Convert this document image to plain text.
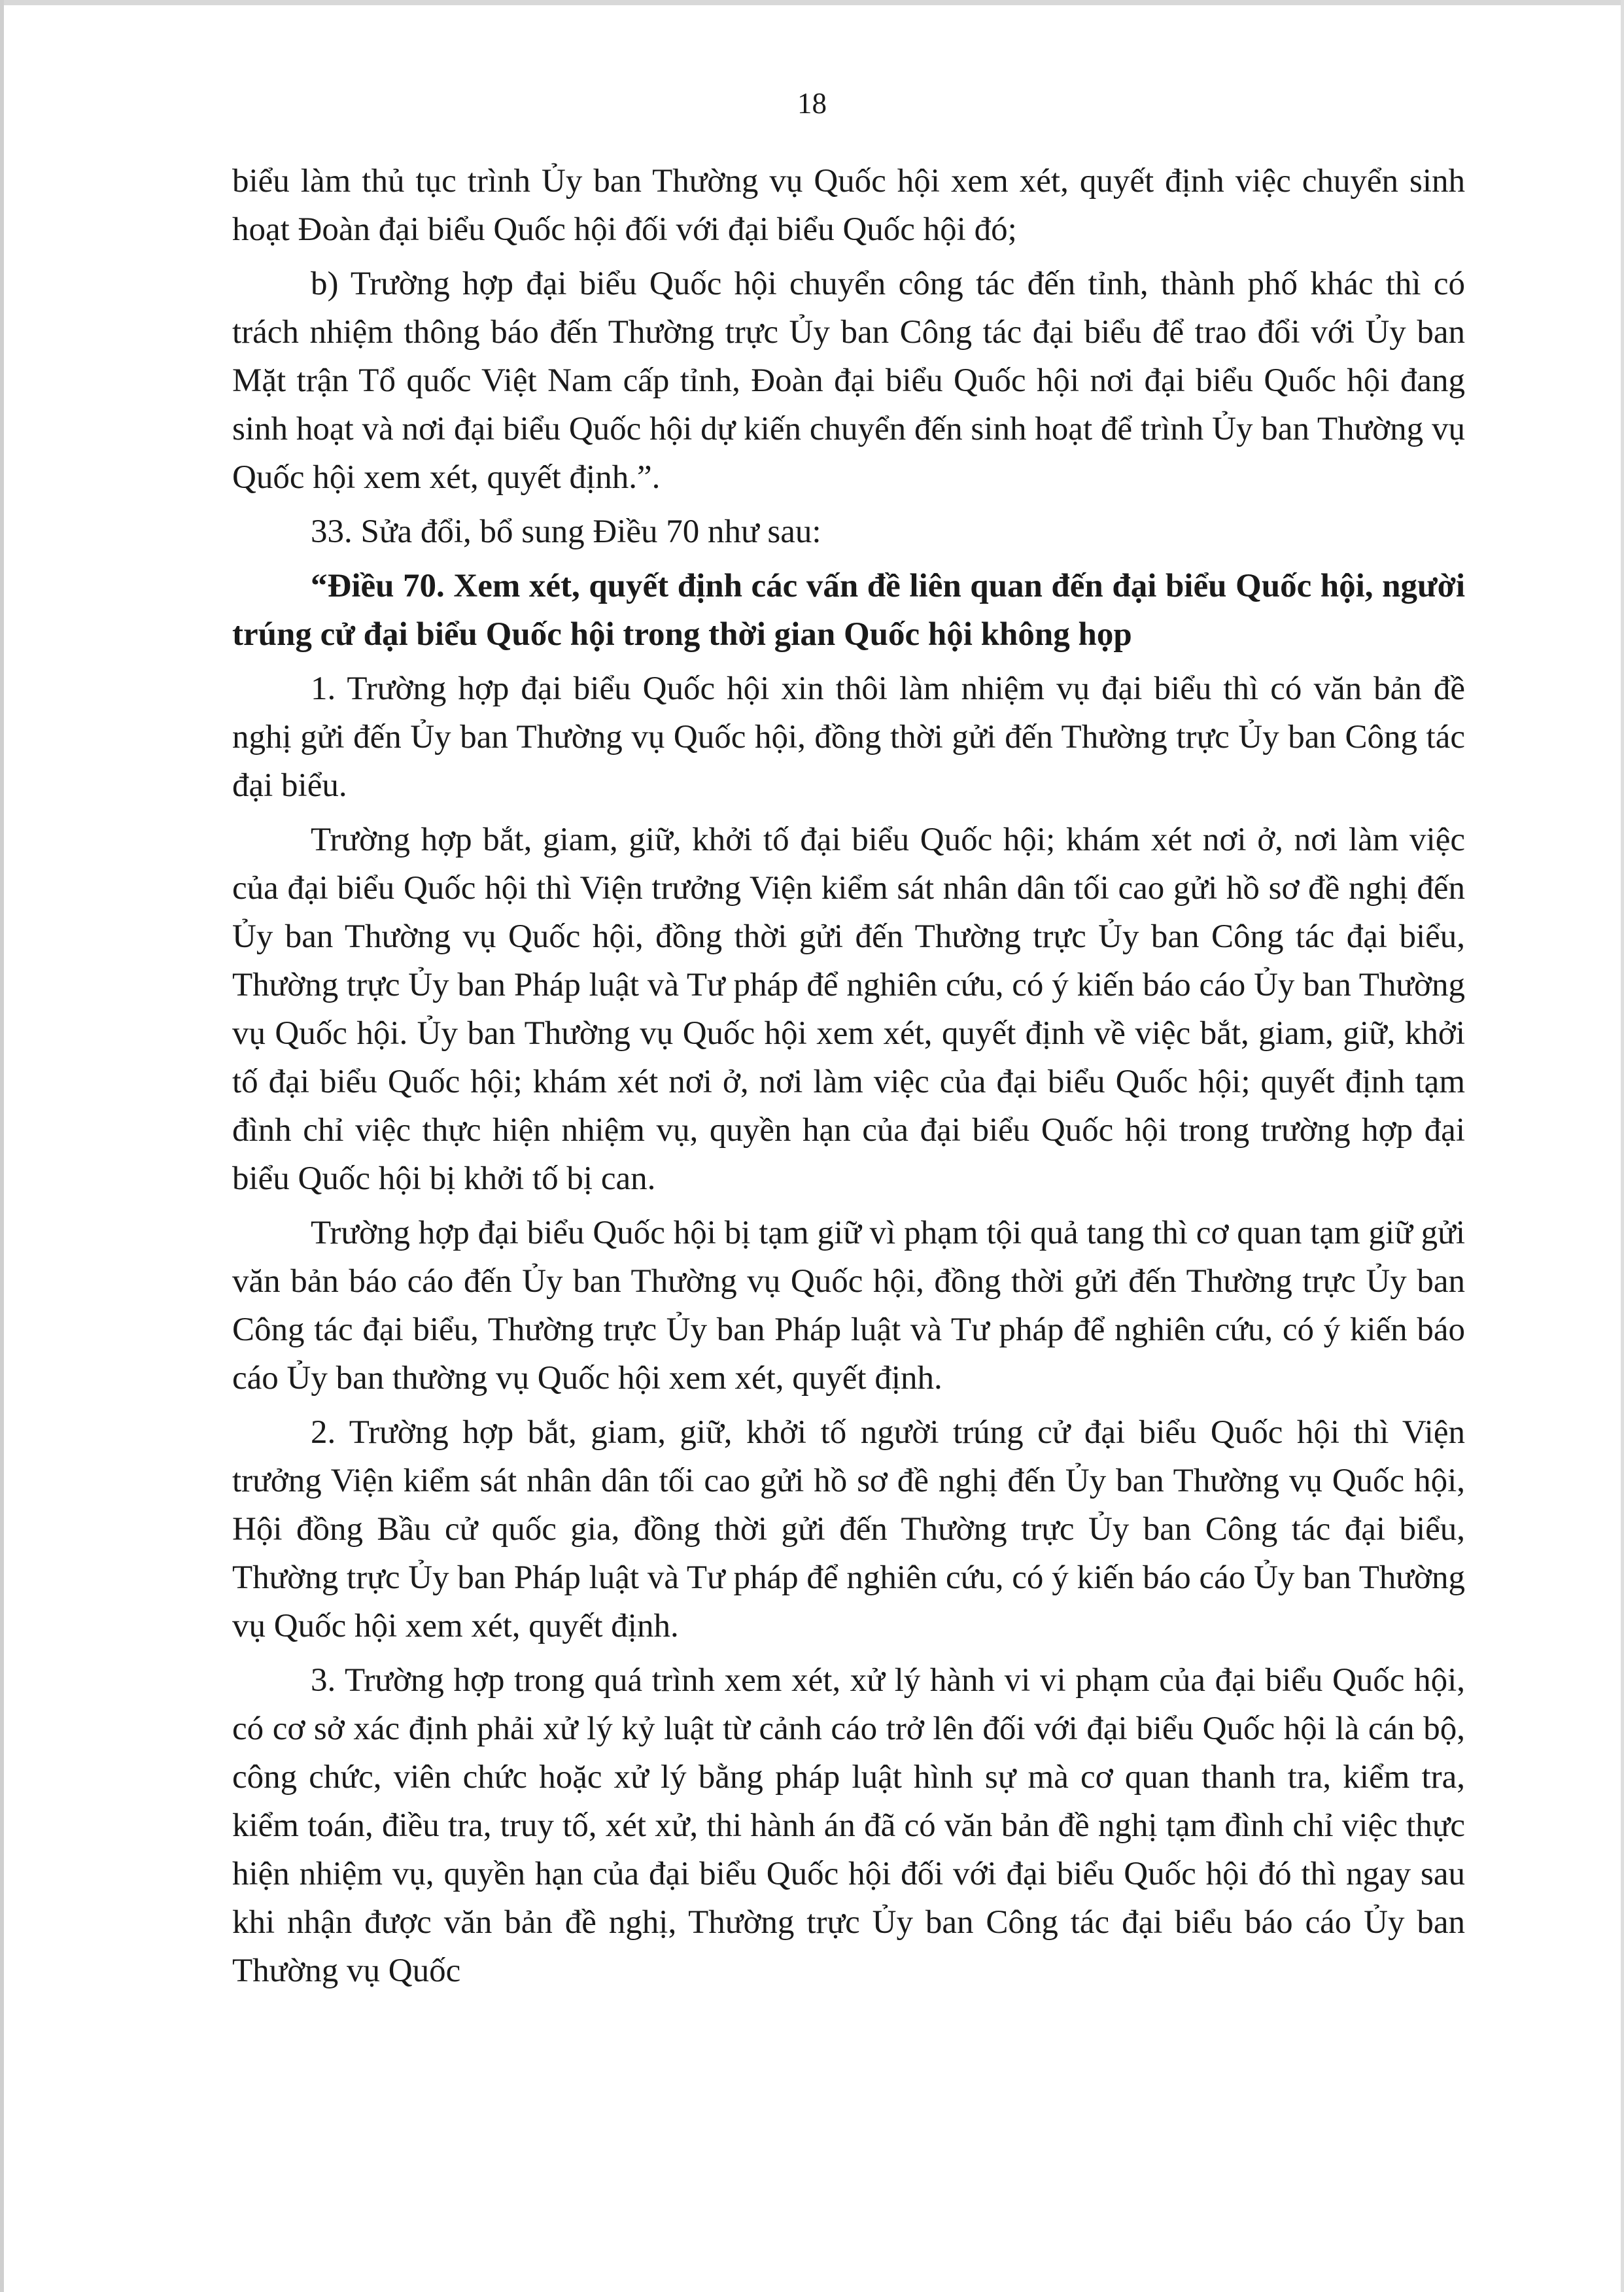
18

biểu làm thủ tục trình Ủy ban Thường vụ Quốc hội xem xét, quyết định việc chuyển sinh hoạt Đoàn đại biểu Quốc hội đối với đại biểu Quốc hội đó;

b) Trường hợp đại biểu Quốc hội chuyển công tác đến tỉnh, thành phố khác thì có trách nhiệm thông báo đến Thường trực Ủy ban Công tác đại biểu để trao đổi với Ủy ban Mặt trận Tổ quốc Việt Nam cấp tỉnh, Đoàn đại biểu Quốc hội nơi đại biểu Quốc hội đang sinh hoạt và nơi đại biểu Quốc hội dự kiến chuyển đến sinh hoạt để trình Ủy ban Thường vụ Quốc hội xem xét, quyết định.”.

33. Sửa đổi, bổ sung Điều 70 như sau:

“Điều 70. Xem xét, quyết định các vấn đề liên quan đến đại biểu Quốc hội, người trúng cử đại biểu Quốc hội trong thời gian Quốc hội không họp

1. Trường hợp đại biểu Quốc hội xin thôi làm nhiệm vụ đại biểu thì có văn bản đề nghị gửi đến Ủy ban Thường vụ Quốc hội, đồng thời gửi đến Thường trực Ủy ban Công tác đại biểu.

Trường hợp bắt, giam, giữ, khởi tố đại biểu Quốc hội; khám xét nơi ở, nơi làm việc của đại biểu Quốc hội thì Viện trưởng Viện kiểm sát nhân dân tối cao gửi hồ sơ đề nghị đến Ủy ban Thường vụ Quốc hội, đồng thời gửi đến Thường trực Ủy ban Công tác đại biểu, Thường trực Ủy ban Pháp luật và Tư pháp để nghiên cứu, có ý kiến báo cáo Ủy ban Thường vụ Quốc hội. Ủy ban Thường vụ Quốc hội xem xét, quyết định về việc bắt, giam, giữ, khởi tố đại biểu Quốc hội; khám xét nơi ở, nơi làm việc của đại biểu Quốc hội; quyết định tạm đình chỉ việc thực hiện nhiệm vụ, quyền hạn của đại biểu Quốc hội trong trường hợp đại biểu Quốc hội bị khởi tố bị can.

Trường hợp đại biểu Quốc hội bị tạm giữ vì phạm tội quả tang thì cơ quan tạm giữ gửi văn bản báo cáo đến Ủy ban Thường vụ Quốc hội, đồng thời gửi đến Thường trực Ủy ban Công tác đại biểu, Thường trực Ủy ban Pháp luật và Tư pháp để nghiên cứu, có ý kiến báo cáo Ủy ban thường vụ Quốc hội xem xét, quyết định.

2. Trường hợp bắt, giam, giữ, khởi tố người trúng cử đại biểu Quốc hội thì Viện trưởng Viện kiểm sát nhân dân tối cao gửi hồ sơ đề nghị đến Ủy ban Thường vụ Quốc hội, Hội đồng Bầu cử quốc gia, đồng thời gửi đến Thường trực Ủy ban Công tác đại biểu, Thường trực Ủy ban Pháp luật và Tư pháp để nghiên cứu, có ý kiến báo cáo Ủy ban Thường vụ Quốc hội xem xét, quyết định.

3. Trường hợp trong quá trình xem xét, xử lý hành vi vi phạm của đại biểu Quốc hội, có cơ sở xác định phải xử lý kỷ luật từ cảnh cáo trở lên đối với đại biểu Quốc hội là cán bộ, công chức, viên chức hoặc xử lý bằng pháp luật hình sự mà cơ quan thanh tra, kiểm tra, kiểm toán, điều tra, truy tố, xét xử, thi hành án đã có văn bản đề nghị tạm đình chỉ việc thực hiện nhiệm vụ, quyền hạn của đại biểu Quốc hội đối với đại biểu Quốc hội đó thì ngay sau khi nhận được văn bản đề nghị, Thường trực Ủy ban Công tác đại biểu báo cáo Ủy ban Thường vụ Quốc
